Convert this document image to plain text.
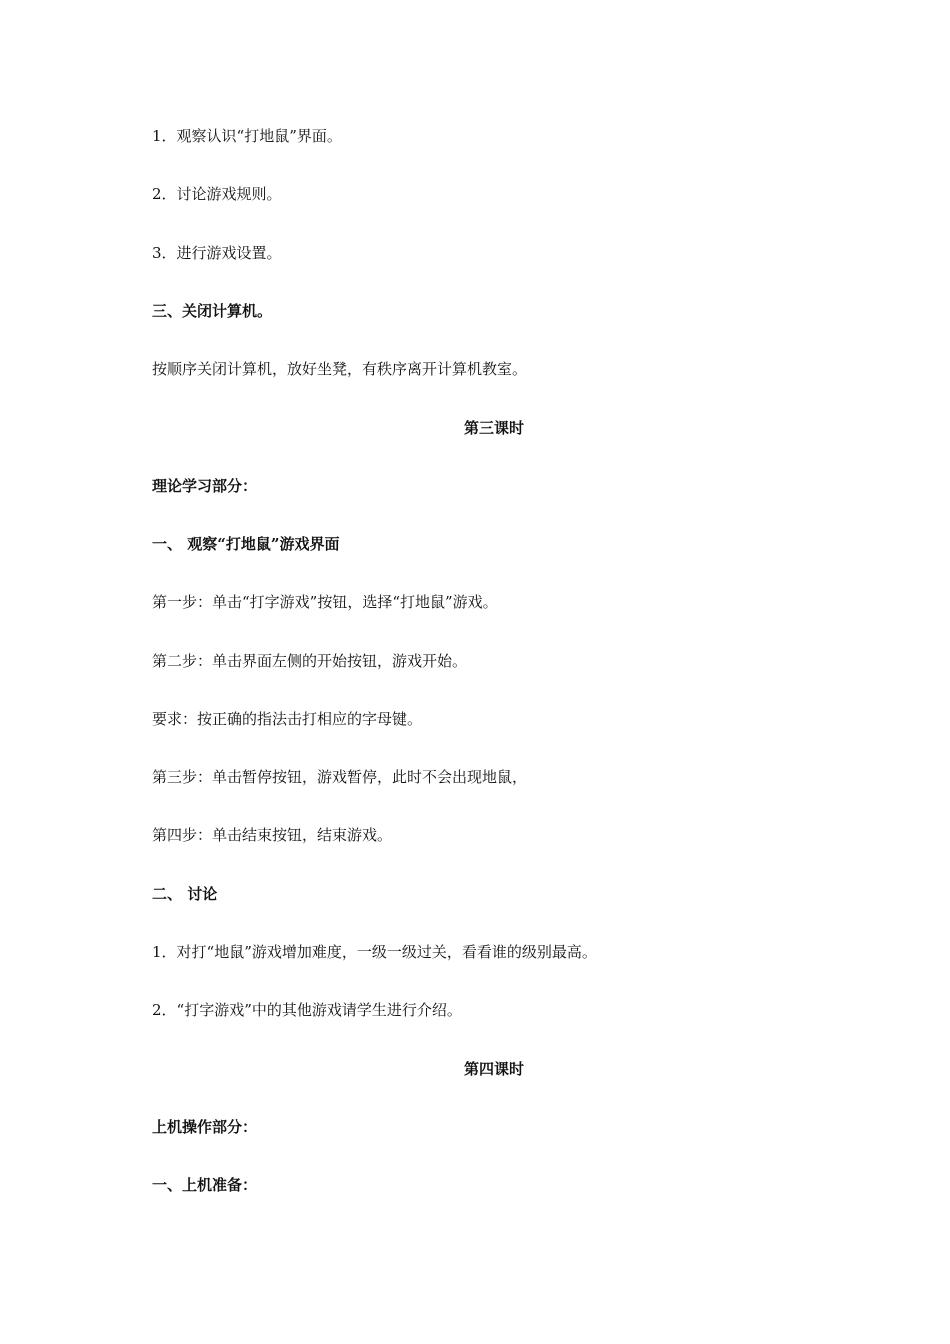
1．观察认识“打地鼠”界面。
2．讨论游戏规则。
3．进行游戏设置。
三、关闭计算机。
按顺序关闭计算机，放好坐凳，有秩序离开计算机教室。
第三课时
理论学习部分：
一、 观察“打地鼠”游戏界面
第一步：单击“打字游戏”按钮，选择“打地鼠”游戏。
第二步：单击界面左侧的开始按钮，游戏开始。
要求：按正确的指法击打相应的字母键。
第三步：单击暂停按钮，游戏暂停，此时不会出现地鼠，
第四步：单击结束按钮，结束游戏。
二、 讨论
1．对打“地鼠”游戏增加难度，一级一级过关，看看谁的级别最高。
2．“打字游戏”中的其他游戏请学生进行介绍。
第四课时
上机操作部分：
一、上机准备：
